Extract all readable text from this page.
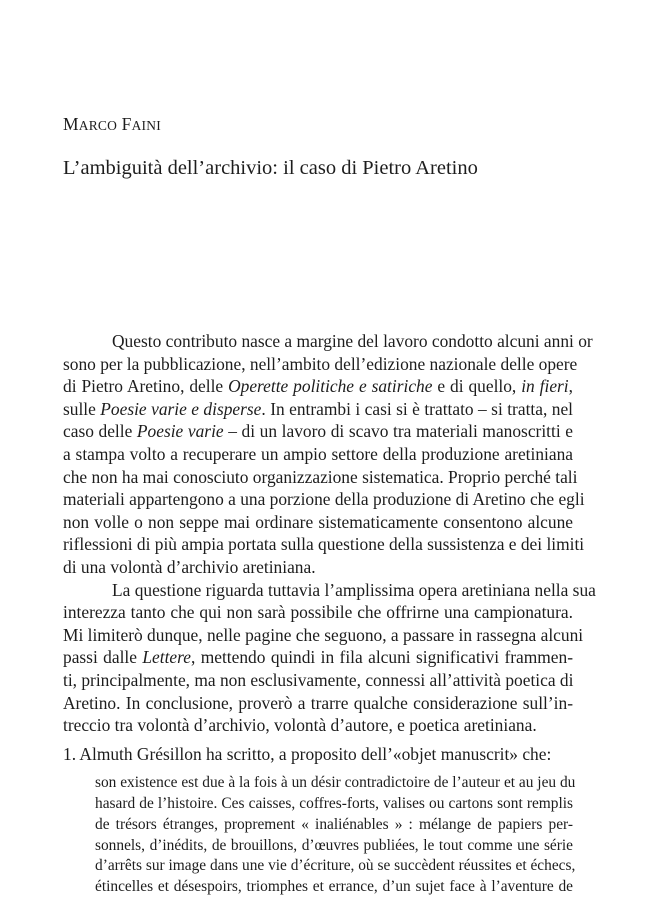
MARCO FAINI
L’ambiguità dell’archivio: il caso di Pietro Aretino
Questo contributo nasce a margine del lavoro condotto alcuni anni or
sono per la pubblicazione, nell’ambito dell’edizione nazionale delle opere
di Pietro Aretino, delle Operette politiche e satiriche e di quello, in fieri,
sulle Poesie varie e disperse. In entrambi i casi si è trattato – si tratta, nel
caso delle Poesie varie – di un lavoro di scavo tra materiali manoscritti e
a stampa volto a recuperare un ampio settore della produzione aretiniana
che non ha mai conosciuto organizzazione sistematica. Proprio perché tali
materiali appartengono a una porzione della produzione di Aretino che egli
non volle o non seppe mai ordinare sistematicamente consentono alcune
riflessioni di più ampia portata sulla questione della sussistenza e dei limiti
di una volontà d’archivio aretiniana.
La questione riguarda tuttavia l’amplissima opera aretiniana nella sua
interezza tanto che qui non sarà possibile che offrirne una campionatura.
Mi limiterò dunque, nelle pagine che seguono, a passare in rassegna alcuni
passi dalle Lettere, mettendo quindi in fila alcuni significativi frammen-
ti, principalmente, ma non esclusivamente, connessi all’attività poetica di
Aretino. In conclusione, proverò a trarre qualche considerazione sull’in-
treccio tra volontà d’archivio, volontà d’autore, e poetica aretiniana.
1. Almuth Grésillon ha scritto, a proposito dell’«objet manuscrit» che:
son existence est due à la fois à un désir contradictoire de l’auteur et au jeu du
hasard de l’histoire. Ces caisses, coffres-forts, valises ou cartons sont remplis
de trésors étranges, proprement « inaliénables » : mélange de papiers per-
sonnels, d’inédits, de brouillons, d’œuvres publiées, le tout comme une série
d’arrêts sur image dans une vie d’écriture, où se succèdent réussites et échecs,
étincelles et désespoirs, triomphes et errance, d’un sujet face à l’aventure de
